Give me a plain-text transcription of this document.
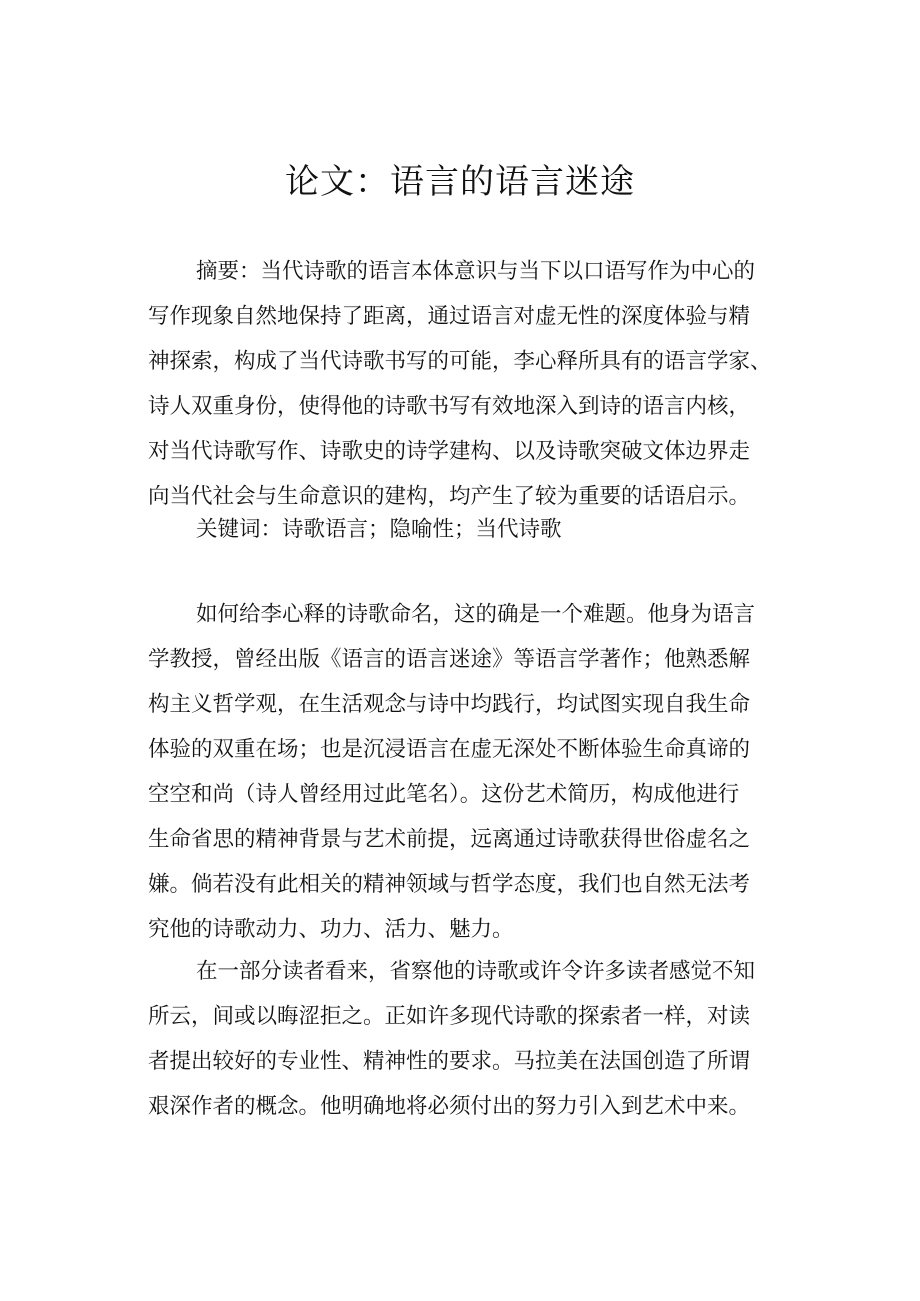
论文：语言的语言迷途
摘要：当代诗歌的语言本体意识与当下以口语写作为中心的
写作现象自然地保持了距离，通过语言对虚无性的深度体验与精
神探索，构成了当代诗歌书写的可能，李心释所具有的语言学家、
诗人双重身份，使得他的诗歌书写有效地深入到诗的语言内核，
对当代诗歌写作、诗歌史的诗学建构、以及诗歌突破文体边界走
向当代社会与生命意识的建构，均产生了较为重要的话语启示。
关键词：诗歌语言；隐喻性；当代诗歌
如何给李心释的诗歌命名，这的确是一个难题。他身为语言
学教授，曾经出版《语言的语言迷途》等语言学著作；他熟悉解
构主义哲学观，在生活观念与诗中均践行，均试图实现自我生命
体验的双重在场；也是沉浸语言在虚无深处不断体验生命真谛的
空空和尚（诗人曾经用过此笔名）。这份艺术简历，构成他进行
生命省思的精神背景与艺术前提，远离通过诗歌获得世俗虚名之
嫌。倘若没有此相关的精神领域与哲学态度，我们也自然无法考
究他的诗歌动力、功力、活力、魅力。
在一部分读者看来，省察他的诗歌或许令许多读者感觉不知
所云，间或以晦涩拒之。正如许多现代诗歌的探索者一样，对读
者提出较好的专业性、精神性的要求。马拉美在法国创造了所谓
艰深作者的概念。他明确地将必须付出的努力引入到艺术中来。
